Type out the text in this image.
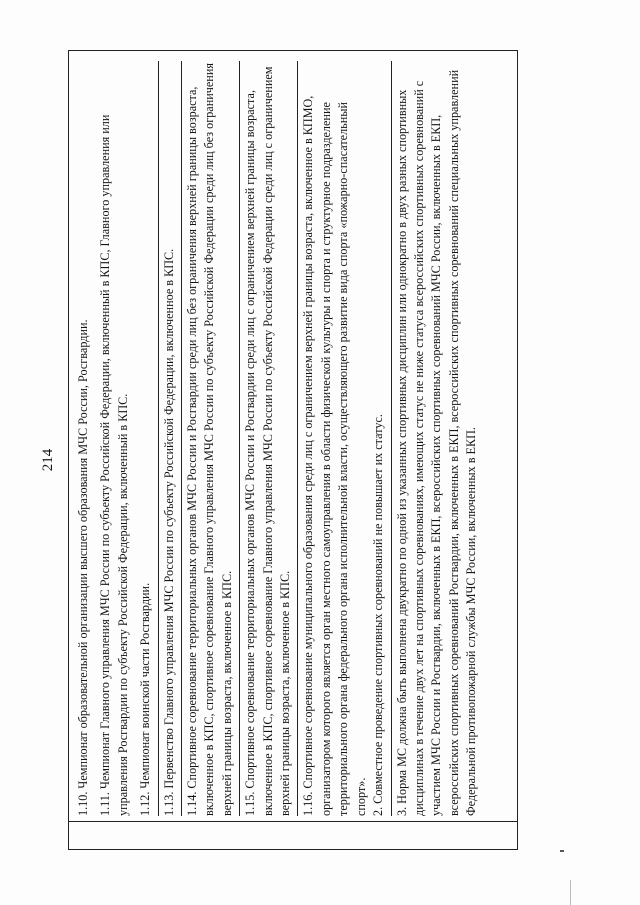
214 1.10. Чемпионат образовательной организации высшего образования МЧС России, Росгвардии. 1.11. Чемпионат Главного управления МЧС России по субъекту Российской Федерации, включенный в КПС, Главного управления или управления Росгвардии по субъекту Российской Федерации, включенный в КПС. 1.12. Чемпионат воинской части Росгвардии. 1.13. Первенство Главного управления МЧС России по субъекту Российской Федерации, включенное в КПС. 1.14. Спортивное соревнование территориальных органов МЧС России и Росгвардии среди лиц без ограничения верхней границы возраста, включенное в КПС, спортивное соревнование Главного управления МЧС России по субъекту Российской Федерации среди лиц без ограничения верхней границы возраста, включенное в КПС. 1.15. Спортивное соревнование территориальных органов МЧС России и Росгвардии среди лиц с ограничением верхней границы возраста, включенное в КПС, спортивное соревнование Главного управления МЧС России по субъекту Российской Федерации среди лиц с ограничением верхней границы возраста, включенное в КПС. 1.16. Спортивное соревнование муниципального образования среди лиц с ограничением верхней границы возраста, включенное в КПМО, организатором которого является орган местного самоуправления в области физической культуры и спорта и структурное подразделение территориального органа федерального органа исполнительной власти, осуществляющего развитие вида спорта «пожарно-спасательный спорт». 2. Совместное проведение спортивных соревнований не повышает их статус. 3. Норма МС должна быть выполнена двукратно по одной из указанных спортивных дисциплин или однократно в двух разных спортивных дисциплинах в течение двух лет на спортивных соревнованиях, имеющих статус не ниже статуса всероссийских спортивных соревнований с участием МЧС России и Росгвардии, включенных в ЕКП, всероссийских спортивных соревнований МЧС России, включенных в ЕКП, всероссийских спортивных соревнований Росгвардии, включенных в ЕКП, всероссийских спортивных соревнований специальных управлений Федеральной противопожарной службы МЧС России, включенных в ЕКП.
